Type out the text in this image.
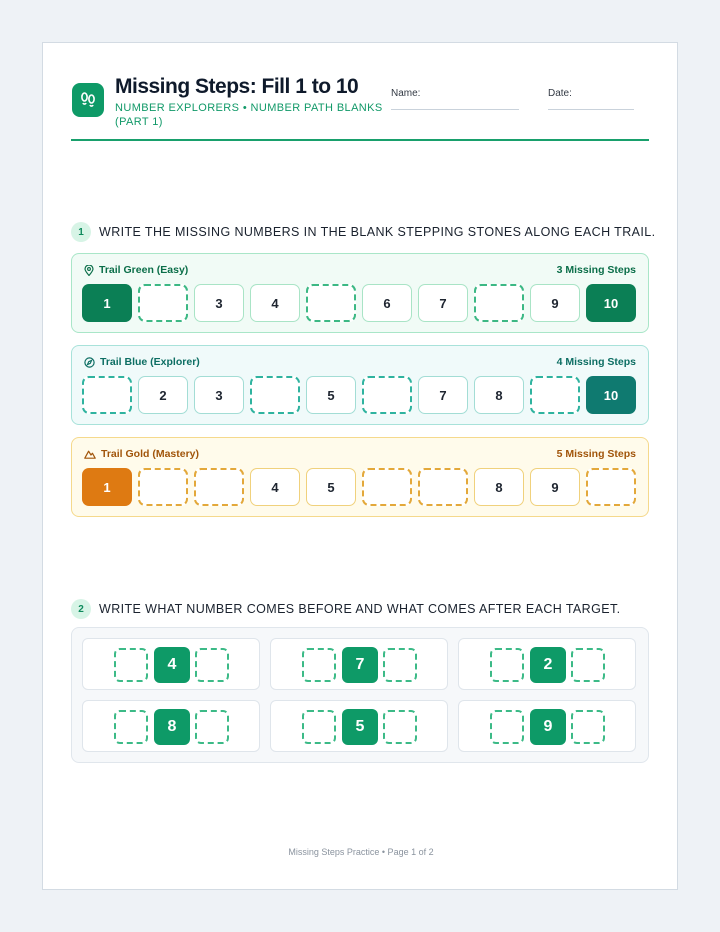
Missing Steps: Fill 1 to 10
NUMBER EXPLORERS • NUMBER PATH BLANKS (PART 1)
Name:	Date:
1	WRITE THE MISSING NUMBERS IN THE BLANK STEPPING STONES ALONG EACH TRAIL.
Trail Green (Easy)	3 Missing Steps
1	3	4	6	7	9	10
Trail Blue (Explorer)	4 Missing Steps
2	3	5	7	8	10
Trail Gold (Mastery)	5 Missing Steps
1	4	5	8	9
2	WRITE WHAT NUMBER COMES BEFORE AND WHAT COMES AFTER EACH TARGET.
4	7	2
8	5	9
Missing Steps Practice • Page 1 of 2
